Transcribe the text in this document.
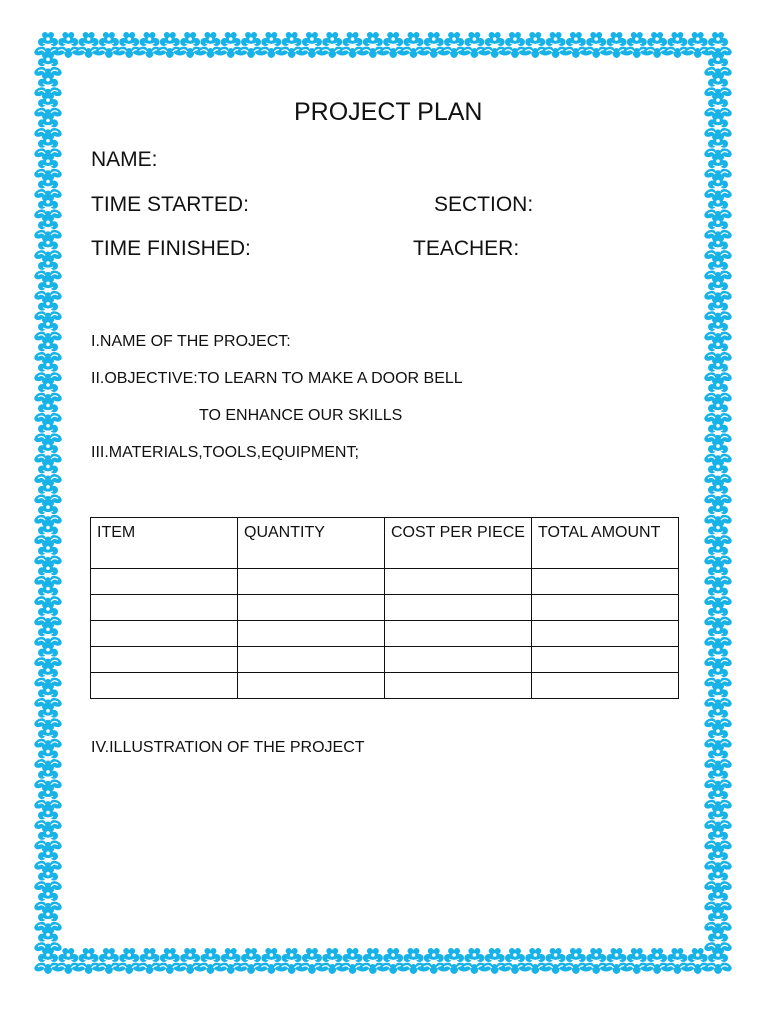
PROJECT PLAN
NAME:
TIME STARTED:	SECTION:
TIME FINISHED:	TEACHER:
I.NAME OF THE PROJECT:
II.OBJECTIVE:TO LEARN TO MAKE A DOOR BELL
TO ENHANCE OUR SKILLS
III.MATERIALS,TOOLS,EQUIPMENT;
ITEM	QUANTITY	COST PER PIECE	TOTAL AMOUNT

IV.ILLUSTRATION OF THE PROJECT
